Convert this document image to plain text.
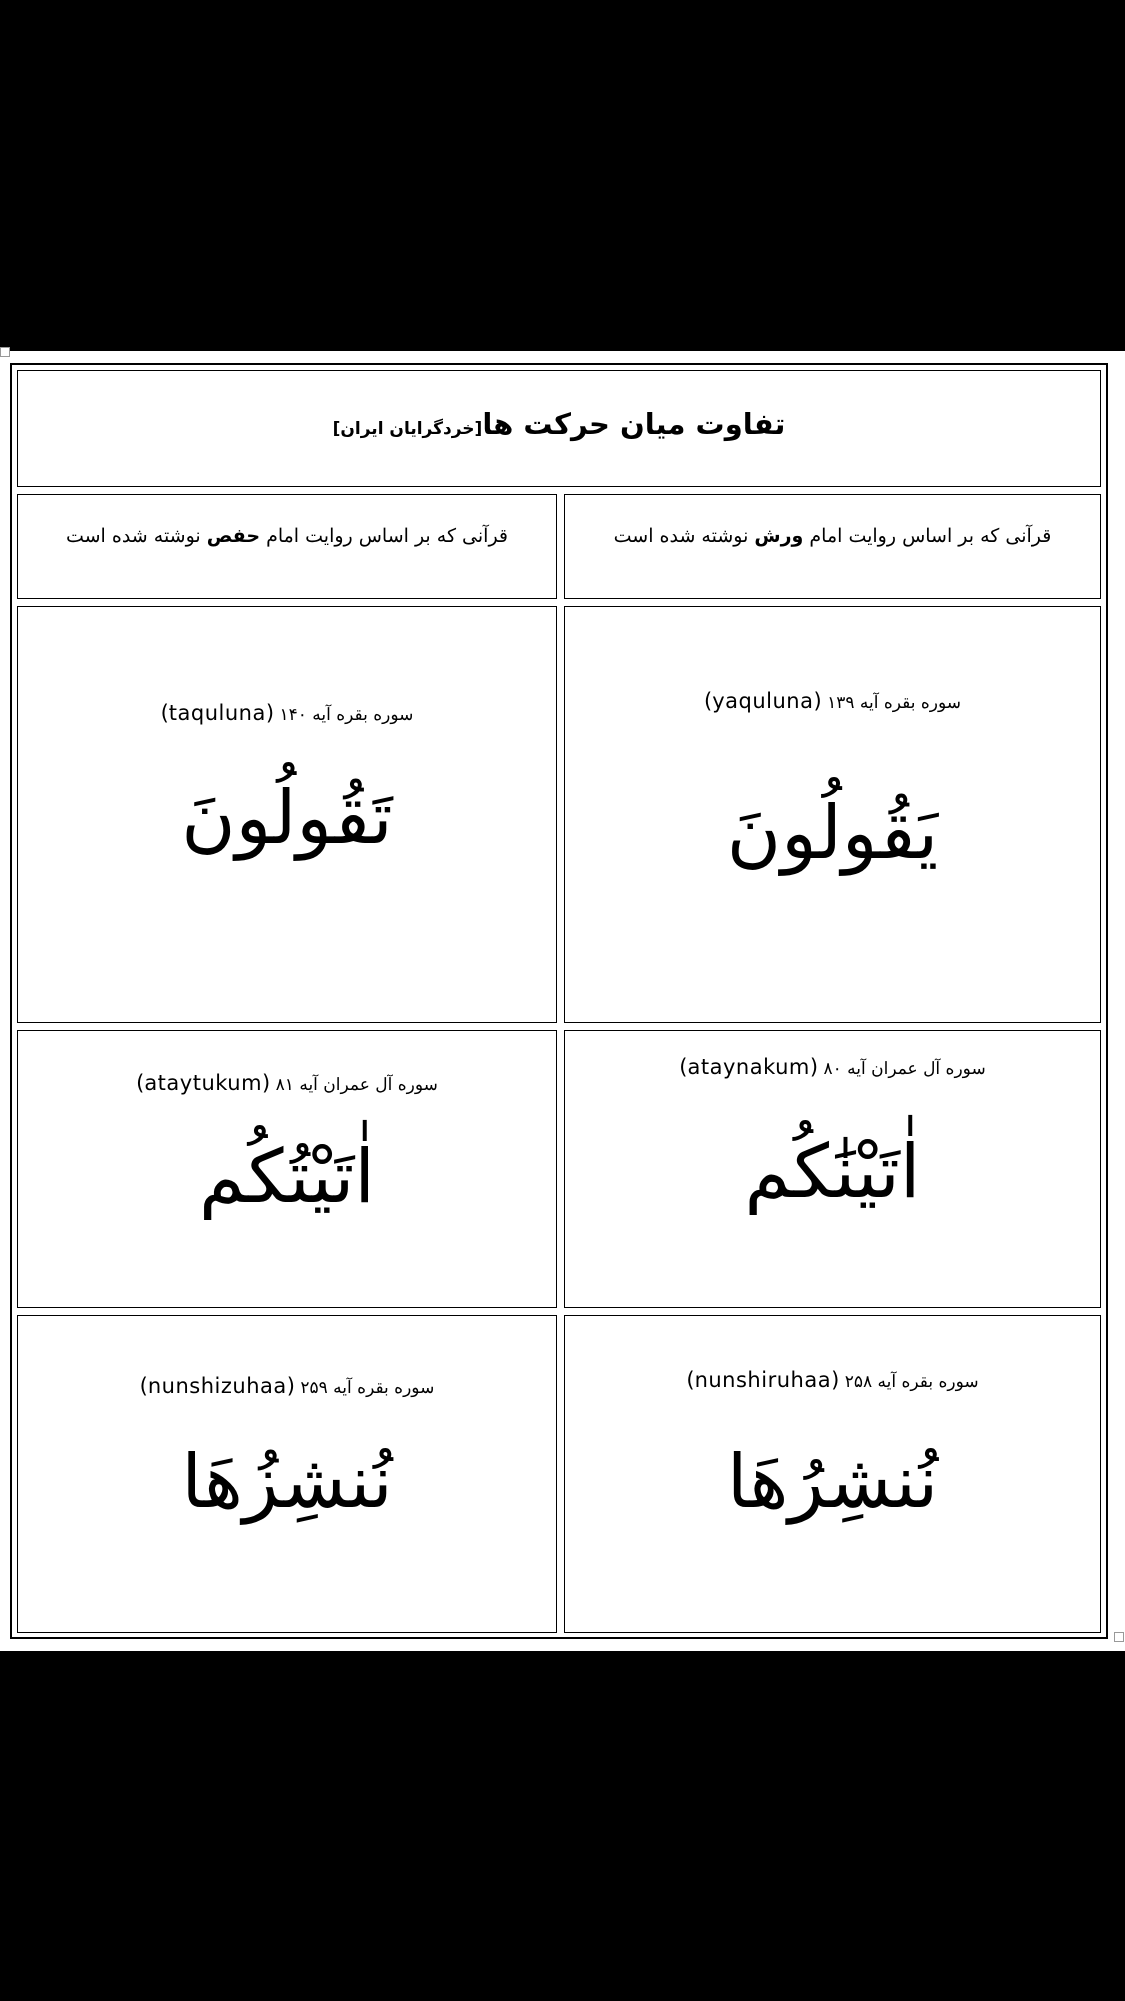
تفاوت میان حرکت ها[خردگرایان ایران]
قرآنی که بر اساس روایت امام ورش نوشته شده است
قرآنی که بر اساس روایت امام حفص نوشته شده است
سوره بقره آیه ۱۳۹ (yaquluna)
يَقُولُونَ
سوره بقره آیه ۱۴۰ (taquluna)
تَقُولُونَ
سوره آل عمران آیه ۸۰ (ataynakum)
اٰتَيْنَٰكُم
سوره آل عمران آیه ۸۱ (ataytukum)
اٰتَيْتُكُم
سوره بقره آیه ۲۵۸ (nunshiruhaa)
نُنشِرُهَا
سوره بقره آیه ۲۵۹ (nunshizuhaa)
نُنشِزُهَا
